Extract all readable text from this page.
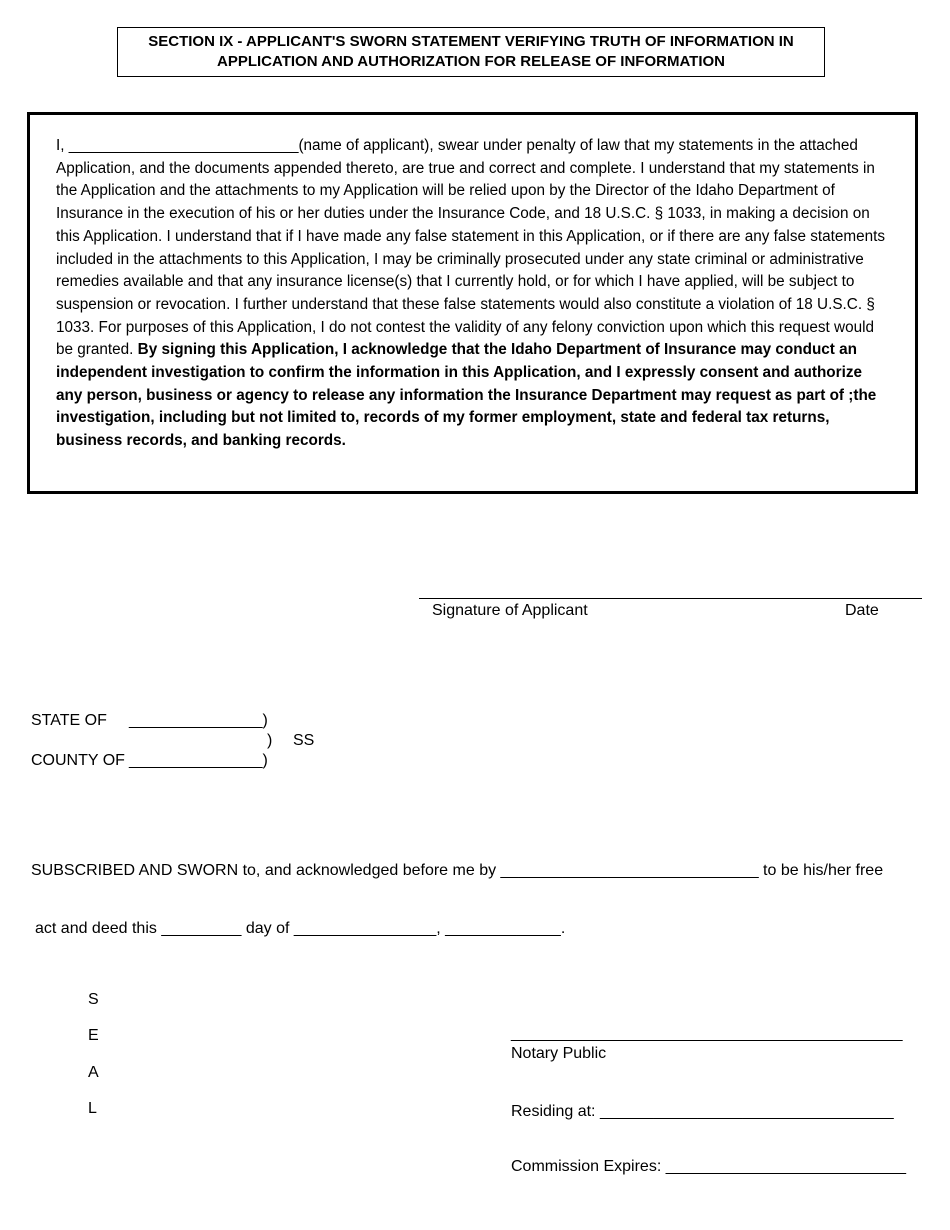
SECTION IX - APPLICANT'S SWORN STATEMENT VERIFYING TRUTH OF INFORMATION IN
APPLICATION AND AUTHORIZATION FOR RELEASE OF INFORMATION

I, ___________________________(name of applicant), swear under penalty of law that my statements in the attached Application, and the documents appended thereto, are true and correct and complete. I understand that my statements in the Application and the attachments to my Application will be relied upon by the Director of the Idaho Department of Insurance in the execution of his or her duties under the Insurance Code, and 18 U.S.C. § 1033, in making a decision on this Application. I understand that if I have made any false statement in this Application, or if there are any false statements included in the attachments to this Application, I may be criminally prosecuted under any state criminal or administrative remedies available and that any insurance license(s) that I currently hold, or for which I have applied, will be subject to suspension or revocation. I further understand that these false statements would also constitute a violation of 18 U.S.C. § 1033. For purposes of this Application, I do not contest the validity of any felony conviction upon which this request would be granted. By signing this Application, I acknowledge that the Idaho Department of Insurance may conduct an independent investigation to confirm the information in this Application, and I expressly consent and authorize any person, business or agency to release any information the Insurance Department may request as part of ;the investigation, including but not limited to, records of my former employment, state and federal tax returns, business records, and banking records.

Signature of Applicant	Date
STATE OF _______________)
) SS
COUNTY OF _______________)
SUBSCRIBED AND SWORN to, and acknowledged before me by _____________________________ to be his/her free
act and deed this _________ day of ________________, _____________.
S
E
A
L
____________________________________________
Notary Public
Residing at: _________________________________
Commission Expires: ___________________________
